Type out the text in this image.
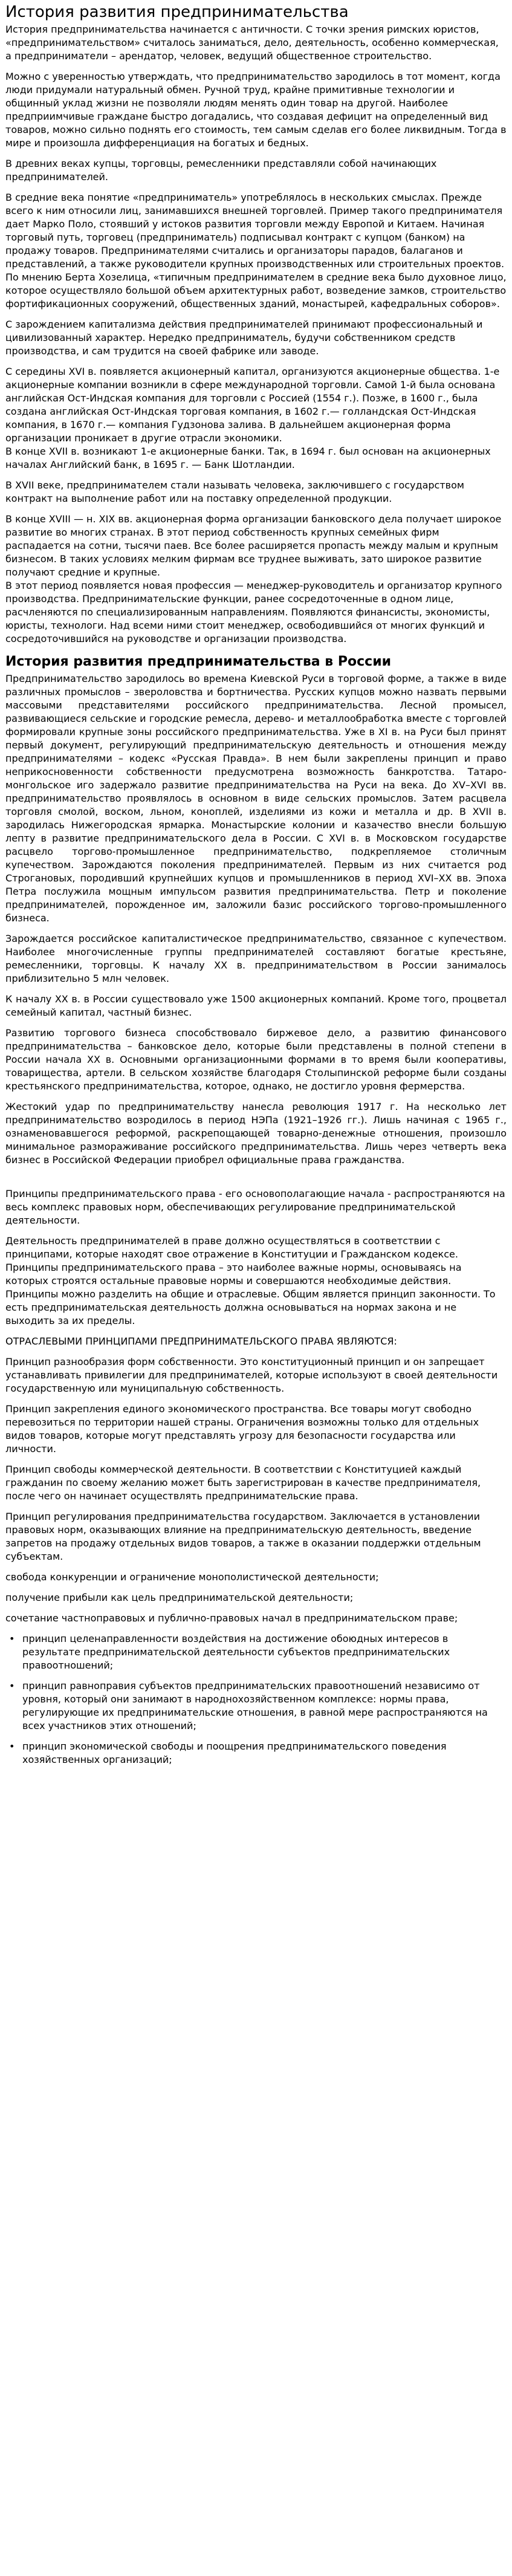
История развития предпринимательства

История предпринимательства начинается с античности. С точки зрения римских юристов, «предпринимательством» считалось заниматься, дело, деятельность, особенно коммерческая, а предприниматели – арендатор, человек, ведущий общественное строительство.

Можно с уверенностью утверждать, что предпринимательство зародилось в тот момент, когда люди придумали натуральный обмен. Ручной труд, крайне примитивные технологии и общинный уклад жизни не позволяли людям менять один товар на другой. Наиболее предприимчивые граждане быстро догадались, что создавая дефицит на определенный вид товаров, можно сильно поднять его стоимость, тем самым сделав его более ликвидным. Тогда в мире и произошла дифференциация на богатых и бедных.

В древних веках купцы, торговцы, ремесленники представляли собой начинающих предпринимателей.

В средние века понятие «предприниматель» употреблялось в нескольких смыслах. Прежде всего к ним относили лиц, занимавшихся внешней торговлей. Пример такого предпринимателя дает Марко Поло, стоявший у истоков развития торговли между Европой и Китаем. Начиная торговый путь, торговец (предприниматель) подписывал контракт с купцом (банком) на продажу товаров. Предпринимателями считались и организаторы парадов, балаганов и представлений, а также руководители крупных производственных или строительных проектов. По мнению Берта Хозелица, «типичным предпринимателем в средние века было духовное лицо, которое осуществляло большой объем архитектурных работ, возведение замков, строительство фортификационных сооружений, общественных зданий, монастырей, кафедральных соборов».

С зарождением капитализма действия предпринимателей принимают профессиональный и цивилизованный характер. Нередко предприниматель, будучи собственником средств производства, и сам трудится на своей фабрике или заводе.

С середины XVI в. появляется акционерный капитал, организуются акционерные общества. 1-е акционерные компании возникли в сфере международной торговли. Самой 1-й была основана английская Ост-Индская компания для торговли с Россией (1554 г.). Позже, в 1600 г., была создана английская Ост-Индская торговая компания, в 1602 г.— голландская Ост-Индская компания, в 1670 г.— компания Гудзонова залива. В дальнейшем акционерная форма организации проникает в другие отрасли экономики.
В конце XVII в. возникают 1-е акционерные банки. Так, в 1694 г. был основан на акционерных началах Английский банк, в 1695 г. — Банк Шотландии.

В XVII веке, предпринимателем стали называть человека, заключившего с государством контракт на выполнение работ или на поставку определенной продукции.

В конце XVIII — н. XIX вв. акционерная форма организации банковского дела получает широкое развитие во многих странах. В этот период собственность крупных семейных фирм распадается на сотни, тысячи паев. Все более расширяется пропасть между малым и крупным бизнесом. В таких условиях мелким фирмам все труднее выживать, зато широкое развитие получают средние и крупные.
В этот период появляется новая профессия — менеджер-руководитель и организатор крупного производства. Предпринимательские функции, ранее сосредоточенные в одном лице, расчленяются по специализированным направлениям. Появляются финансисты, экономисты, юристы, технологи. Над всеми ними стоит менеджер, освободившийся от многих функций и сосредоточившийся на руководстве и организации производства.

История развития предпринимательства в России

Предпринимательство зародилось во времена Киевской Руси в торговой форме, а также в виде различных промыслов – звероловства и бортничества. Русских купцов можно назвать первыми массовыми представителями российского предпринимательства. Лесной промысел, развивающиеся сельские и городские ремесла, дерево- и металлообработка вместе с торговлей формировали крупные зоны российского предпринимательства. Уже в XI в. на Руси был принят первый документ, регулирующий предпринимательскую деятельность и отношения между предпринимателями – кодекс «Русская Правда». В нем были закреплены принцип и право неприкосновенности собственности предусмотрена возможность банкротства. Татаро-монгольское иго задержало развитие предпринимательства на Руси на века. До XV–XVI вв. предпринимательство проявлялось в основном в виде сельских промыслов. Затем расцвела торговля смолой, воском, льном, коноплей, изделиями из кожи и металла и др. В XVII в. зародилась Нижегородская ярмарка. Монастырские колонии и казачество внесли большую лепту в развитие предпринимательского дела в России. С XVI в. в Московском государстве расцвело торгово-промышленное предпринимательство, подкрепляемое столичным купечеством. Зарождаются поколения предпринимателей. Первым из них считается род Строгановых, породивший крупнейших купцов и промышленников в период XVI–XX вв. Эпоха Петра послужила мощным импульсом развития предпринимательства. Петр и поколение предпринимателей, порожденное им, заложили базис российского торгово-промышленного бизнеса.

Зарождается российское капиталистическое предпринимательство, связанное с купечеством. Наиболее многочисленные группы предпринимателей составляют богатые крестьяне, ремесленники, торговцы. К началу XX в. предпринимательством в России занималось приблизительно 5 млн человек.

К началу XX в. в России существовало уже 1500 акционерных компаний. Кроме того, процветал семейный капитал, частный бизнес.

Развитию торгового бизнеса способствовало биржевое дело, а развитию финансового предпринимательства – банковское дело, которые были представлены в полной степени в России начала XX в. Основными организационными формами в то время были кооперативы, товарищества, артели. В сельском хозяйстве благодаря Столыпинской реформе были созданы крестьянского предпринимательства, которое, однако, не достигло уровня фермерства.

Жестокий удар по предпринимательству нанесла революция 1917 г. На несколько лет предпринимательство возродилось в период НЭПа (1921–1926 гг.). Лишь начиная с 1965 г., ознаменовавшегося реформой, раскрепощающей товарно-денежные отношения, произошло минимальное размораживание российского предпринимательства. Лишь через четверть века бизнес в Российской Федерации приобрел официальные права гражданства.

Принципы предпринимательского права - его основополагающие начала - распространяются на весь комплекс правовых норм, обеспечивающих регулирование предпринимательской деятельности.

Деятельность предпринимателей в праве должно осуществляться в соответствии с принципами, которые находят свое отражение в Конституции и Гражданском кодексе. Принципы предпринимательского права – это наиболее важные нормы, основываясь на которых строятся остальные правовые нормы и совершаются необходимые действия. Принципы можно разделить на общие и отраслевые. Общим является принцип законности. То есть предпринимательская деятельность должна основываться на нормах закона и не выходить за их пределы.

ОТРАСЛЕВЫМИ ПРИНЦИПАМИ ПРЕДПРИНИМАТЕЛЬСКОГО ПРАВА ЯВЛЯЮТСЯ:

Принцип разнообразия форм собственности. Это конституционный принцип и он запрещает устанавливать привилегии для предпринимателей, которые используют в своей деятельности государственную или муниципальную собственность.

Принцип закрепления единого экономического пространства. Все товары могут свободно перевозиться по территории нашей страны. Ограничения возможны только для отдельных видов товаров, которые могут представлять угрозу для безопасности государства или личности.

Принцип свободы коммерческой деятельности. В соответствии с Конституцией каждый гражданин по своему желанию может быть зарегистрирован в качестве предпринимателя, после чего он начинает осуществлять предпринимательские права.

Принцип регулирования предпринимательства государством. Заключается в установлении правовых норм, оказывающих влияние на предпринимательскую деятельность, введение запретов на продажу отдельных видов товаров, а также в оказании поддержки отдельным субъектам.

свобода конкуренции и ограничение монополистической деятельности;

получение прибыли как цель предпринимательской деятельности;

сочетание частноправовых и публично-правовых начал в предпринимательском праве;

• принцип целенаправленности воздействия на достижение обоюдных интересов в результате предпринимательской деятельности субъектов предпринимательских правоотношений;
• принцип равноправия субъектов предпринимательских правоотношений независимо от уровня, который они занимают в народнохозяйственном комплексе: нормы права, регулирующие их предпринимательские отношения, в равной мере распространяются на всех участников этих отношений;
• принцип экономической свободы и поощрения предпринимательского поведения хозяйственных организаций;
